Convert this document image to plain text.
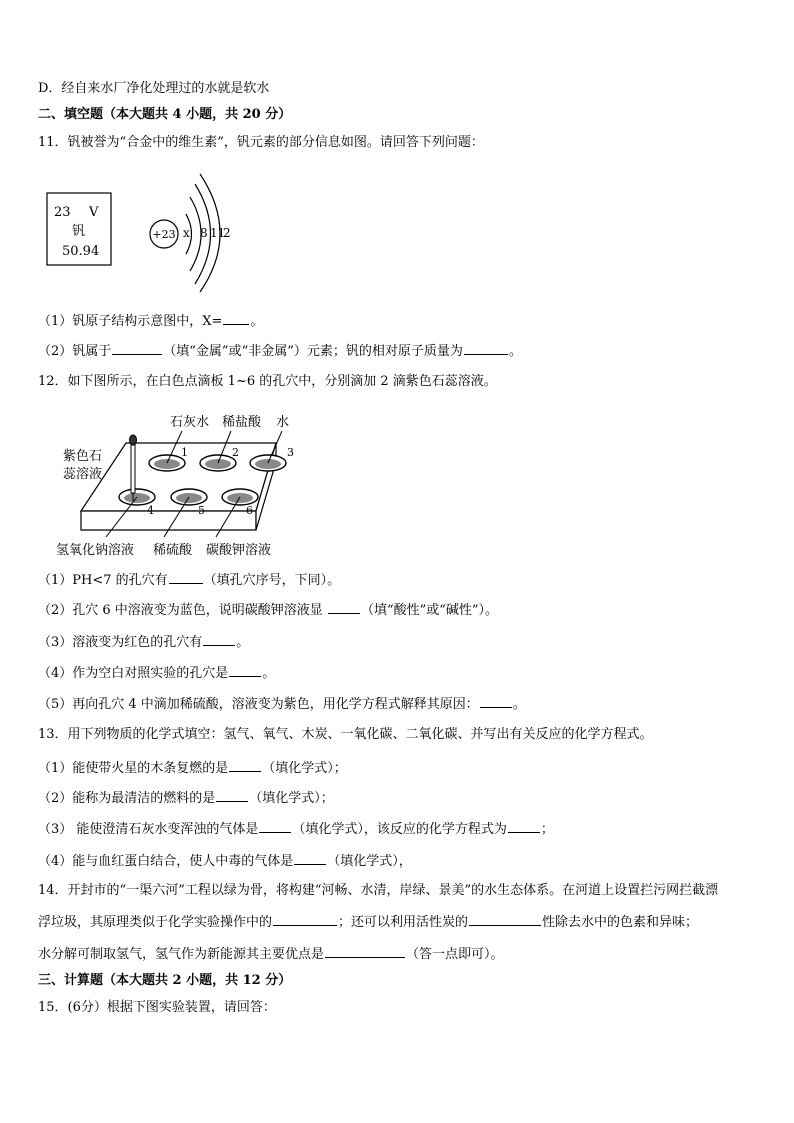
D．经自来水厂净化处理过的水就是软水
二、填空题（本大题共 4 小题，共 20 分）
11．钒被誉为“合金中的维生素”，钒元素的部分信息如图。请回答下列问题：
23 V
钒
50.94
+23 x 8 11
2
（1）钒原子结构示意图中，X= 。
（2）钒属于	（填“金属”或“非金属”）元素；钒的相对原子质量为	。
12．如下图所示，在白色点滴板 1~6 的孔穴中，分别滴加 2 滴紫色石蕊溶液。
石灰水 稀盐酸 水
紫色石
蕊溶液
1	2	3
4	5	6
氢氧化钠溶液 稀硫酸 碳酸钾溶液
（1）PH<7 的孔穴有	（填孔穴序号，下同）。
（2）孔穴 6 中溶液变为蓝色，说明碳酸钾溶液显	（填“酸性”或“碱性”）。
（3）溶液变为红色的孔穴有	。
（4）作为空白对照实验的孔穴是	。
（5）再向孔穴 4 中滴加稀硫酸，溶液变为紫色，用化学方程式解释其原因：	。
13．用下列物质的化学式填空：氢气、氧气、木炭、一氧化碳、二氧化碳、并写出有关反应的化学方程式。
（1）能使带火星的木条复燃的是	（填化学式）；
（2）能称为最清洁的燃料的是	（填化学式）；
（3） 能使澄清石灰水变浑浊的气体是	（填化学式），该反应的化学方程式为	；
（4）能与血红蛋白结合，使人中毒的气体是	（填化学式），
14．开封市的“一渠六河”工程以绿为骨，将构建“河畅、水清，岸绿、景美”的水生态体系。在河道上设置拦污网拦截漂
浮垃圾，其原理类似于化学实验操作中的	；还可以利用活性炭的	性除去水中的色素和异味；
水分解可制取氢气，氢气作为新能源其主要优点是	（答一点即可）。
三、计算题（本大题共 2 小题，共 12 分）
15．(6分）根据下图实验装置，请回答：
